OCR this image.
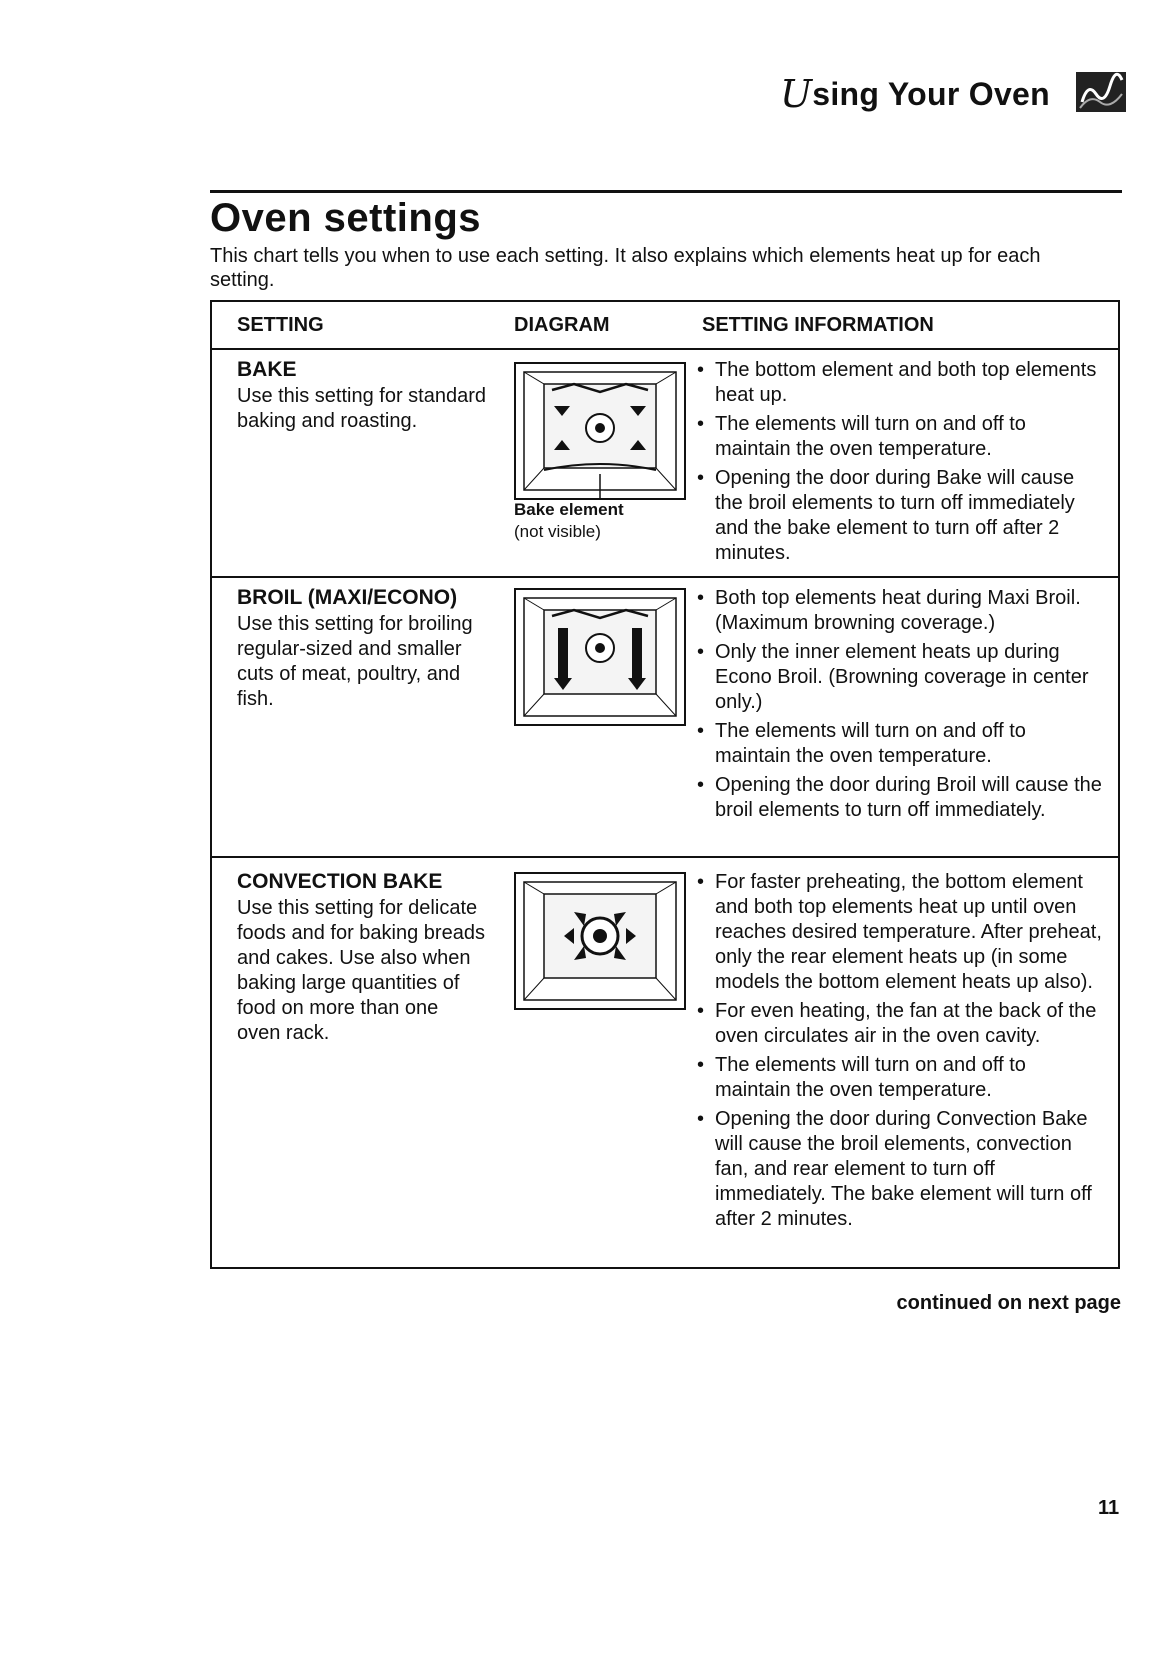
U sing Your Oven
Oven settings
This chart tells you when to use each setting. It also explains which elements heat up for each setting.
SETTING	DIAGRAM	SETTING INFORMATION
BAKE
Use this setting for standard baking and roasting.
Bake element
(not visible)
• The bottom element and both top elements heat up.
• The elements will turn on and off to maintain the oven temperature.
• Opening the door during Bake will cause the broil elements to turn off immediately and the bake element to turn off after 2 minutes.
BROIL (MAXI/ECONO)
Use this setting for broiling regular-sized and smaller cuts of meat, poultry, and fish.
• Both top elements heat during Maxi Broil. (Maximum browning coverage.)
• Only the inner element heats up during Econo Broil. (Browning coverage in center only.)
• The elements will turn on and off to maintain the oven temperature.
• Opening the door during Broil will cause the broil elements to turn off immediately.
CONVECTION BAKE
Use this setting for delicate foods and for baking breads and cakes. Use also when baking large quantities of food on more than one oven rack.
• For faster preheating, the bottom element and both top elements heat up until oven reaches desired temperature. After preheat, only the rear element heats up (in some models the bottom element heats up also).
• For even heating, the fan at the back of the oven circulates air in the oven cavity.
• The elements will turn on and off to maintain the oven temperature.
• Opening the door during Convection Bake will cause the broil elements, convection fan, and rear element to turn off immediately. The bake element will turn off after 2 minutes.
continued on next page
11
